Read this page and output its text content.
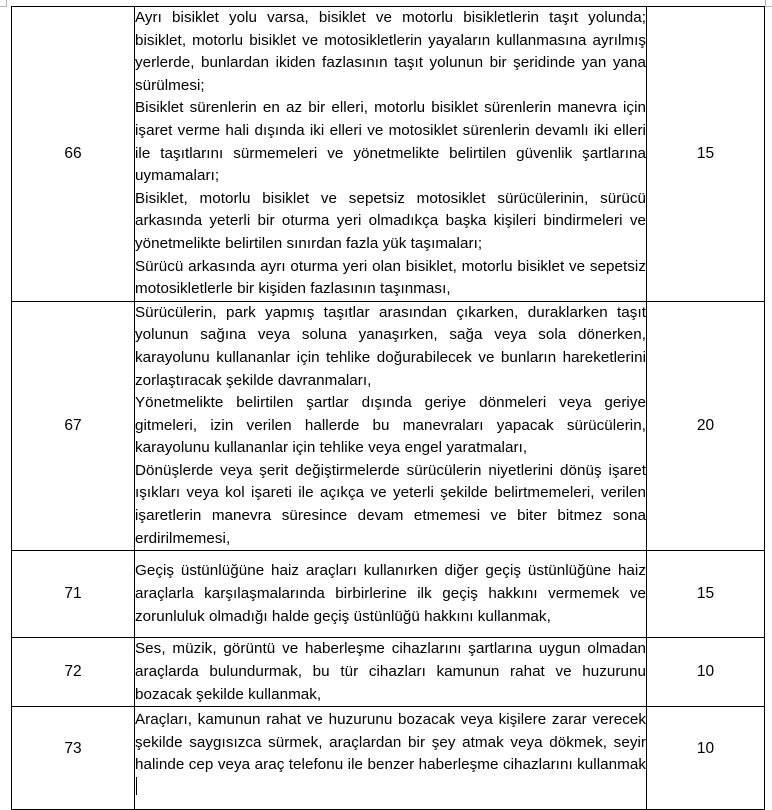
66	Ayrı bisiklet yolu varsa, bisiklet ve motorlu bisikletlerin taşıt yolunda; bisiklet, motorlu bisiklet ve motosikletlerin yayaların kullanmasına ayrılmış yerlerde, bunlardan ikiden fazlasının taşıt yolunun bir şeridinde yan yana sürülmesi;
Bisiklet sürenlerin en az bir elleri, motorlu bisiklet sürenlerin manevra için işaret verme hali dışında iki elleri ve motosiklet sürenlerin devamlı iki elleri ile taşıtlarını sürmemeleri ve yönetmelikte belirtilen güvenlik şartlarına uymamaları;
Bisiklet, motorlu bisiklet ve sepetsiz motosiklet sürücülerinin, sürücü arkasında yeterli bir oturma yeri olmadıkça başka kişileri bindirmeleri ve yönetmelikte belirtilen sınırdan fazla yük taşımaları;
Sürücü arkasında ayrı oturma yeri olan bisiklet, motorlu bisiklet ve sepetsiz motosikletlerle bir kişiden fazlasının taşınması,	15
67	Sürücülerin, park yapmış taşıtlar arasından çıkarken, duraklarken taşıt yolunun sağına veya soluna yanaşırken, sağa veya sola dönerken, karayolunu kullananlar için tehlike doğurabilecek ve bunların hareketlerini zorlaştıracak şekilde davranmaları,
Yönetmelikte belirtilen şartlar dışında geriye dönmeleri veya geriye gitmeleri, izin verilen hallerde bu manevraları yapacak sürücülerin, karayolunu kullananlar için tehlike veya engel yaratmaları,
Dönüşlerde veya şerit değiştirmelerde sürücülerin niyetlerini dönüş işaret ışıkları veya kol işareti ile açıkça ve yeterli şekilde belirtmemeleri, verilen işaretlerin manevra süresince devam etmemesi ve biter bitmez sona erdirilmemesi,	20
71	Geçiş üstünlüğüne haiz araçları kullanırken diğer geçiş üstünlüğüne haiz araçlarla karşılaşmalarında birbirlerine ilk geçiş hakkını vermemek ve zorunluluk olmadığı halde geçiş üstünlüğü hakkını kullanmak,	15
72	Ses, müzik, görüntü ve haberleşme cihazlarını şartlarına uygun olmadan araçlarda bulundurmak, bu tür cihazları kamunun rahat ve huzurunu bozacak şekilde kullanmak,	10
73	Araçları, kamunun rahat ve huzurunu bozacak veya kişilere zarar verecek şekilde saygısızca sürmek, araçlardan bir şey atmak veya dökmek, seyir halinde cep veya araç telefonu ile benzer haberleşme cihazlarını kullanmak	10
